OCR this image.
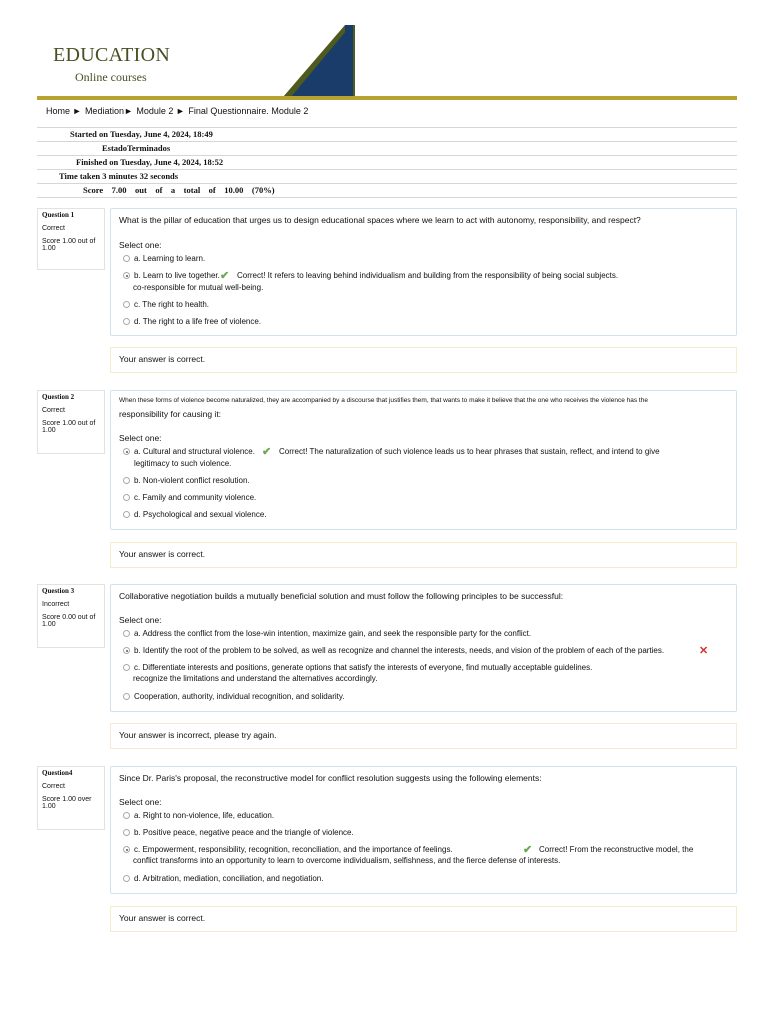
EDUCATION
Online courses
Home ► Mediation► Module 2 ► Final Questionnaire. Module 2
Started on Tuesday, June 4, 2024, 18:49
EstadoTerminados
Finished on Tuesday, June 4, 2024, 18:52
Time taken 3 minutes 32 seconds
Score    7.00    out    of    a    total    of    10.00    (70%)
Question 1
Correct
Score 1.00 out of 1.00
What is the pillar of education that urges us to design educational spaces where we learn to act with autonomy, responsibility, and respect?
Select one:
a. Learning to learn.
b. Learn to live together. ✔ Correct! It refers to leaving behind individualism and building from the responsibility of being social subjects.
co-responsible for mutual well-being.
c. The right to health.
d. The right to a life free of violence.
Your answer is correct.
Question 2
Correct
Score 1.00 out of 1.00
When these forms of violence become naturalized, they are accompanied by a discourse that justifies them, that wants to make it believe that the one who receives the violence has the
responsibility for causing it:
Select one:
a. Cultural and structural violence. ✔ Correct! The naturalization of such violence leads us to hear phrases that sustain, reflect, and intend to give
legitimacy to such violence.
b. Non-violent conflict resolution.
c. Family and community violence.
d. Psychological and sexual violence.
Your answer is correct.
Question 3
Incorrect
Score 0.00 out of 1.00
Collaborative negotiation builds a mutually beneficial solution and must follow the following principles to be successful:
Select one:
a. Address the conflict from the lose-win intention, maximize gain, and seek the responsible party for the conflict.
b. Identify the root of the problem to be solved, as well as recognize and channel the interests, needs, and vision of the problem of each of the parties.	✕
c. Differentiate interests and positions, generate options that satisfy the interests of everyone, find mutually acceptable guidelines.
recognize the limitations and understand the alternatives accordingly.
Cooperation, authority, individual recognition, and solidarity.
Your answer is incorrect, please try again.
Question4
Correct
Score 1.00 over 1.00
Since Dr. Paris's proposal, the reconstructive model for conflict resolution suggests using the following elements:
Select one:
a. Right to non-violence, life, education.
b. Positive peace, negative peace and the triangle of violence.
c. Empowerment, responsibility, recognition, reconciliation, and the importance of feelings.	✔ Correct! From the reconstructive model, the
conflict transforms into an opportunity to learn to overcome individualism, selfishness, and the fierce defense of interests.
d. Arbitration, mediation, conciliation, and negotiation.
Your answer is correct.
